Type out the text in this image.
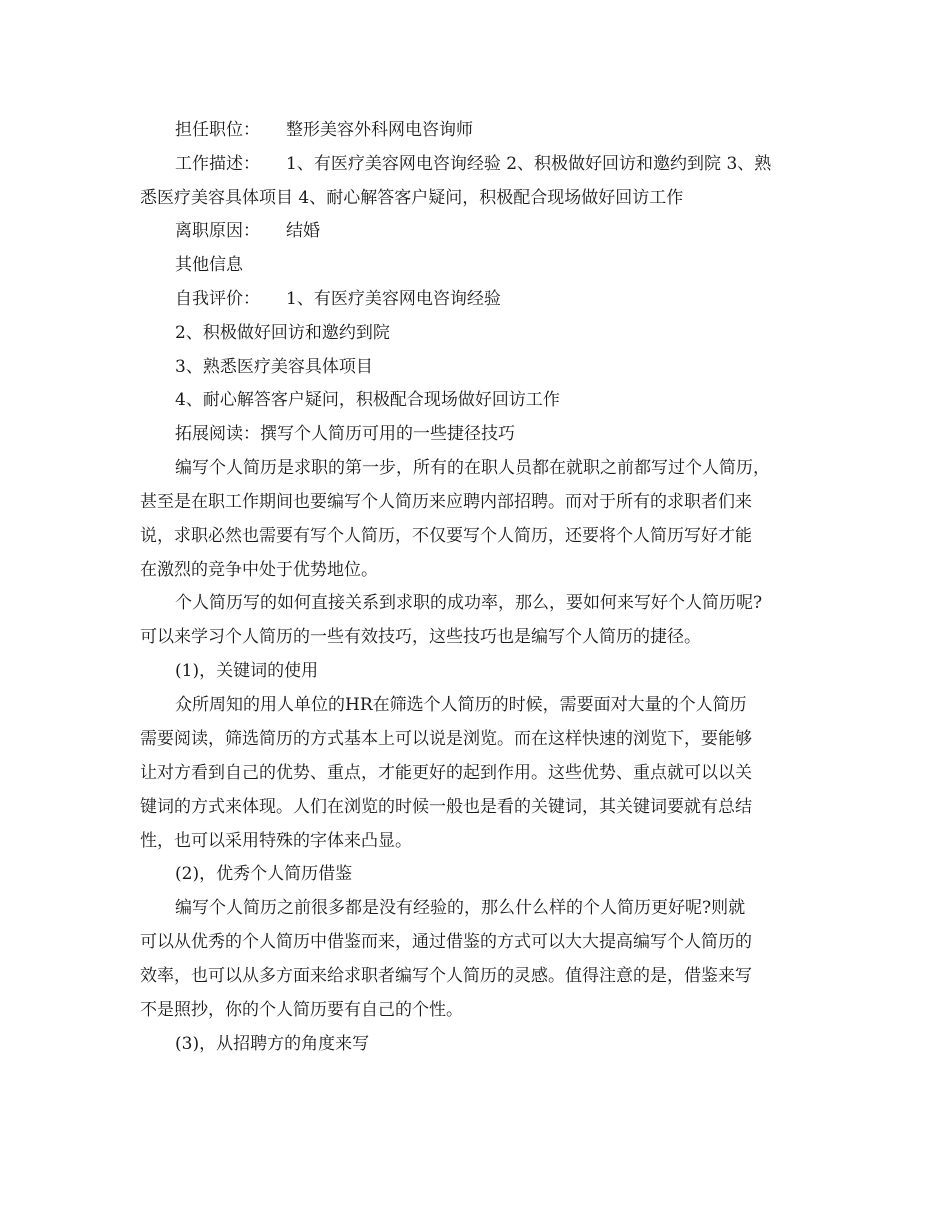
担任职位： 整形美容外科网电咨询师
工作描述： 1、有医疗美容网电咨询经验 2、积极做好回访和邀约到院 3、熟
悉医疗美容具体项目 4、耐心解答客户疑问，积极配合现场做好回访工作
离职原因： 结婚
其他信息
自我评价： 1、有医疗美容网电咨询经验
2、积极做好回访和邀约到院
3、熟悉医疗美容具体项目
4、耐心解答客户疑问，积极配合现场做好回访工作
拓展阅读：撰写个人简历可用的一些捷径技巧
编写个人简历是求职的第一步，所有的在职人员都在就职之前都写过个人简历，
甚至是在职工作期间也要编写个人简历来应聘内部招聘。而对于所有的求职者们来
说，求职必然也需要有写个人简历，不仅要写个人简历，还要将个人简历写好才能
在激烈的竞争中处于优势地位。
个人简历写的如何直接关系到求职的成功率，那么，要如何来写好个人简历呢?
可以来学习个人简历的一些有效技巧，这些技巧也是编写个人简历的捷径。
(1)，关键词的使用
众所周知的用人单位的HR在筛选个人简历的时候，需要面对大量的个人简历
需要阅读，筛选简历的方式基本上可以说是浏览。而在这样快速的浏览下，要能够
让对方看到自己的优势、重点，才能更好的起到作用。这些优势、重点就可以以关
键词的方式来体现。人们在浏览的时候一般也是看的关键词，其关键词要就有总结
性，也可以采用特殊的字体来凸显。
(2)，优秀个人简历借鉴
编写个人简历之前很多都是没有经验的，那么什么样的个人简历更好呢?则就
可以从优秀的个人简历中借鉴而来，通过借鉴的方式可以大大提高编写个人简历的
效率，也可以从多方面来给求职者编写个人简历的灵感。值得注意的是，借鉴来写
不是照抄，你的个人简历要有自己的个性。
(3)，从招聘方的角度来写
